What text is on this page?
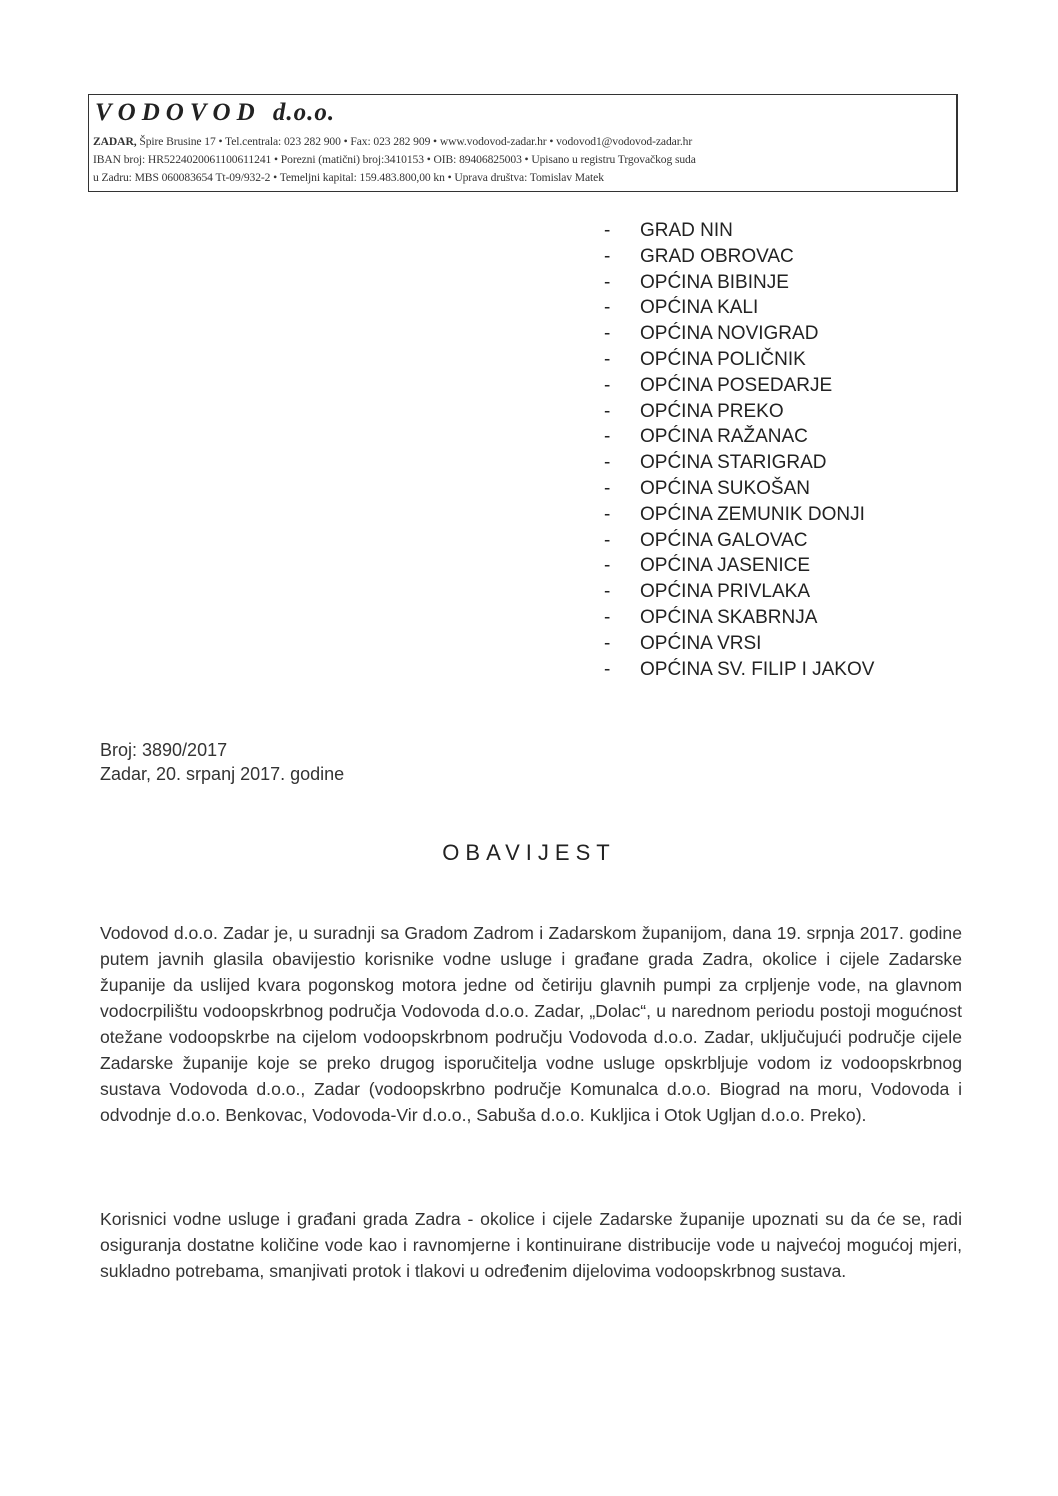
VODOVOD d.o.o.
ZADAR, Špire Brusine 17 • Tel.centrala: 023 282 900 • Fax: 023 282 909 • www.vodovod-zadar.hr • vodovod1@vodovod-zadar.hr
IBAN broj: HR5224020061100611241 • Porezni (matični) broj:3410153 • OIB: 89406825003 • Upisano u registru Trgovačkog suda
u Zadru: MBS 060083654 Tt-09/932-2 • Temeljni kapital: 159.483.800,00 kn • Uprava društva: Tomislav Matek
- GRAD NIN
- GRAD OBROVAC
- OPĆINA BIBINJE
- OPĆINA KALI
- OPĆINA NOVIGRAD
- OPĆINA POLIČNIK
- OPĆINA POSEDARJE
- OPĆINA PREKO
- OPĆINA RAŽANAC
- OPĆINA STARIGRAD
- OPĆINA SUKOŠAN
- OPĆINA ZEMUNIK DONJI
- OPĆINA GALOVAC
- OPĆINA JASENICE
- OPĆINA PRIVLAKA
- OPĆINA SKABRNJA
- OPĆINA VRSI
- OPĆINA SV. FILIP I JAKOV
Broj: 3890/2017
Zadar, 20. srpanj 2017. godine
OBAVIJEST

Vodovod d.o.o. Zadar je, u suradnji sa Gradom Zadrom i Zadarskom županijom, dana 19. srpnja 2017. godine putem javnih glasila obavijestio korisnike vodne usluge i građane grada Zadra, okolice i cijele Zadarske županije da uslijed kvara pogonskog motora jedne od četiriju glavnih pumpi za crpljenje vode, na glavnom vodocrpilištu vodoopskrbnog područja Vodovoda d.o.o. Zadar, „Dolac“, u narednom periodu postoji mogućnost otežane vodoopskrbe na cijelom vodoopskrbnom području Vodovoda d.o.o. Zadar, uključujući područje cijele Zadarske županije koje se preko drugog isporučitelja vodne usluge opskrbljuje vodom iz vodoopskrbnog sustava Vodovoda d.o.o., Zadar (vodoopskrbno područje Komunalca d.o.o. Biograd na moru, Vodovoda i odvodnje d.o.o. Benkovac, Vodovoda-Vir d.o.o., Sabuša d.o.o. Kukljica i Otok Ugljan d.o.o. Preko).

Korisnici vodne usluge i građani grada Zadra - okolice i cijele Zadarske županije upoznati su da će se, radi osiguranja dostatne količine vode kao i ravnomjerne i kontinuirane distribucije vode u najvećoj mogućoj mjeri, sukladno potrebama, smanjivati protok i tlakovi u određenim dijelovima vodoopskrbnog sustava.
